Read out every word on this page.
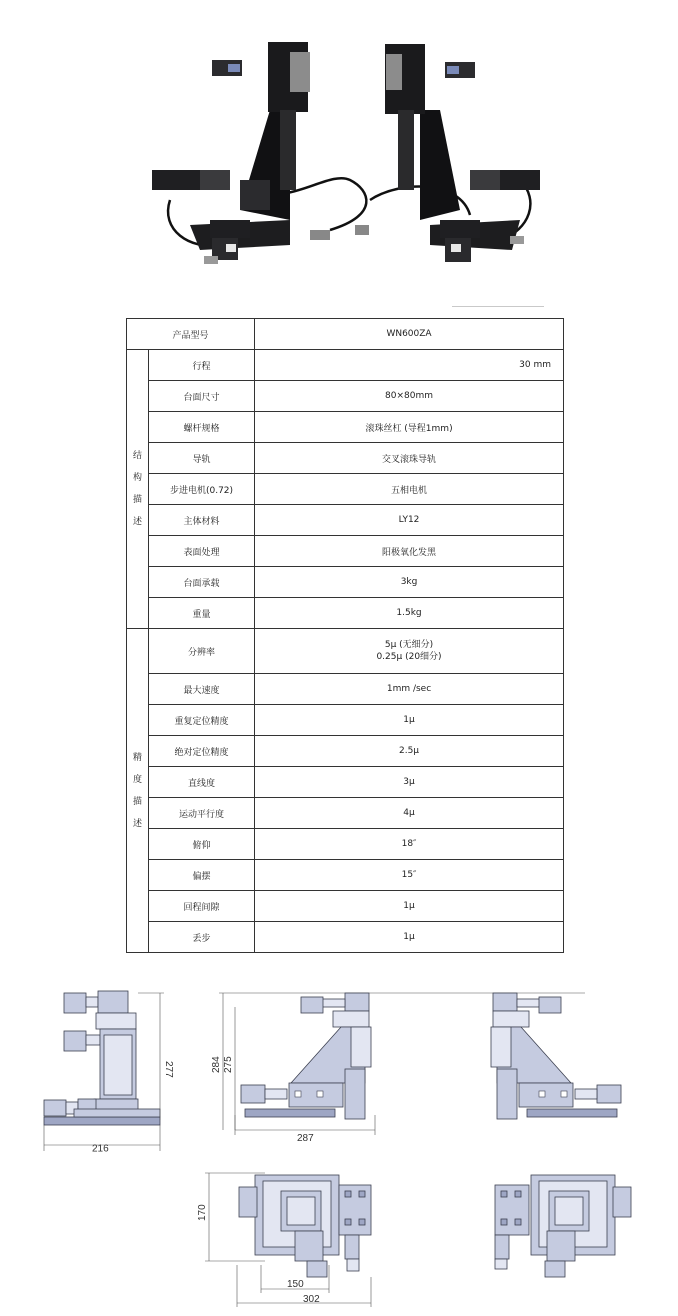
产品型号		WN600ZA

结
构
描
述	行程	30 mm
	台面尺寸	80×80mm
	螺杆规格	滚珠丝杠 (导程1mm)
	导轨	交叉滚珠导轨
	步进电机(0.72)	五相电机
	主体材料	LY12
	表面处理	阳极氧化发黑
	台面承载	3kg
	重量	1.5kg

精
度
描
述	分辨率	5μ (无细分)
0.25μ (20细分)

	最大速度	1mm /sec
	重复定位精度	1μ
	绝对定位精度	2.5μ
	直线度	3μ
	运动平行度	4μ
	俯仰	18″
	偏摆	15″
	回程间隙	1μ
	丢步	1μ
216
277	284 275
287
170
150
302
